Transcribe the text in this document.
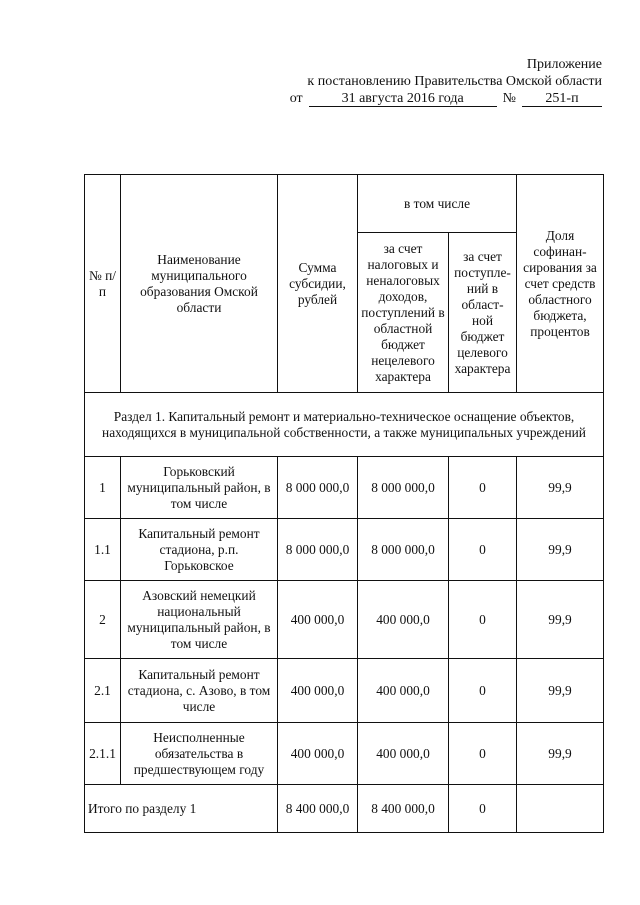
Приложение
к постановлению Правительства Омской области
от	31 августа 2016 года	№	251-п
№ п/п	Наименование муниципального образования Омской области	Сумма субсидии, рублей	в том числе		Доля софинан-сирования за счет средств областного бюджета, процентов
			за счет налоговых и неналоговых доходов, поступлений в областной бюджет нецелевого характера	за счет поступле-ний в област-ной бюджет целевого характера	
Раздел 1. Капитальный ремонт и материально-техническое оснащение объектов, находящихся в муниципальной собственности, а также муниципальных учреждений					
1	Горьковский муниципальный район, в том числе	8 000 000,0	8 000 000,0	0	99,9
1.1	Капитальный ремонт стадиона, р.п. Горьковское	8 000 000,0	8 000 000,0	0	99,9
2	Азовский немецкий национальный муниципальный район, в том числе	400 000,0	400 000,0	0	99,9
2.1	Капитальный ремонт стадиона, с. Азово, в том числе	400 000,0	400 000,0	0	99,9
2.1.1	Неисполненные обязательства в предшествующем году	400 000,0	400 000,0	0	99,9
Итого по разделу 1		8 400 000,0	8 400 000,0	0	
